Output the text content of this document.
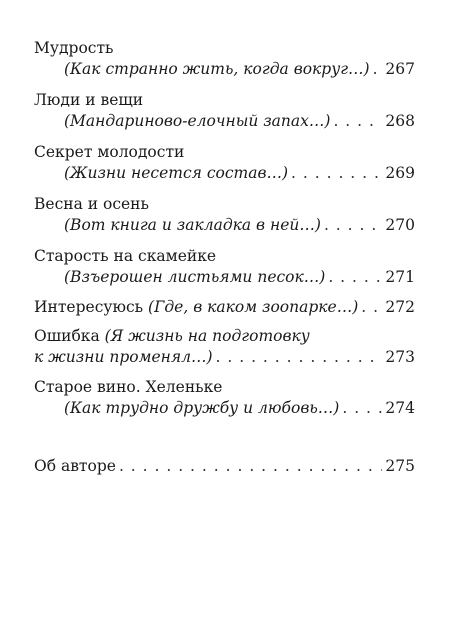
Мудрость
(Как странно жить, когда вокруг…) . . . 267
Люди и вещи
(Мандариново-елочный запах…) . . .	268
Секрет молодости
(Жизни несется состав…) . . .	269
Весна и осень
(Вот книга и закладка в ней…) . . .	270
Старость на скамейке
(Взъерошен листьями песок…) . . .	271
Интересуюсь
(Где, в каком зоопарке…) . . . 272
Ошибка
(Я жизнь на подготовку
к жизни променял…) . . .	273
Старое вино. Хеленьке
(Как трудно дружбу и любовь…) . . .	274
Об авторе . . .	275
